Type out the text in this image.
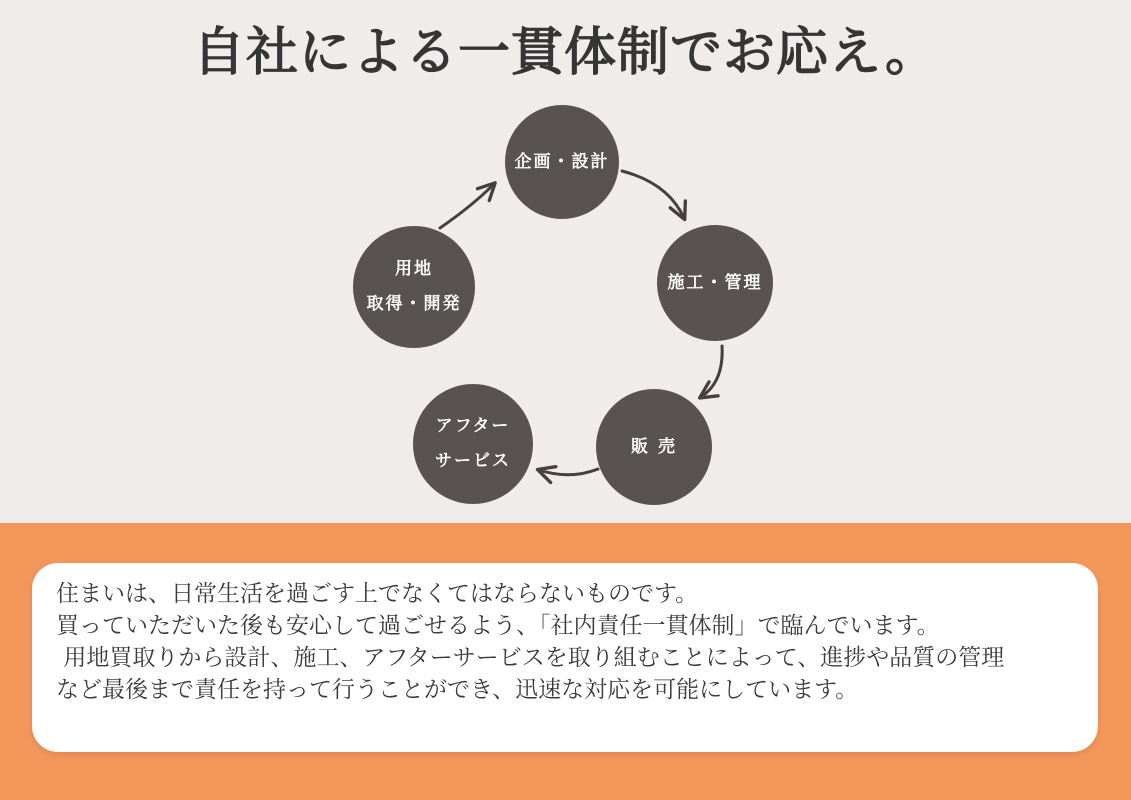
自社による一貫体制でお応え。
企画・設計
施工・管理
販 売
アフター
サービス
用地
取得・開発
住まいは、日常生活を過ごす上でなくてはならないものです。
買っていただいた後も安心して過ごせるよう、「社内責任一貫体制」で臨んでいます。
用地買取りから設計、施工、アフターサービスを取り組むことによって、進捗や品質の管理
など最後まで責任を持って行うことができ、迅速な対応を可能にしています。
